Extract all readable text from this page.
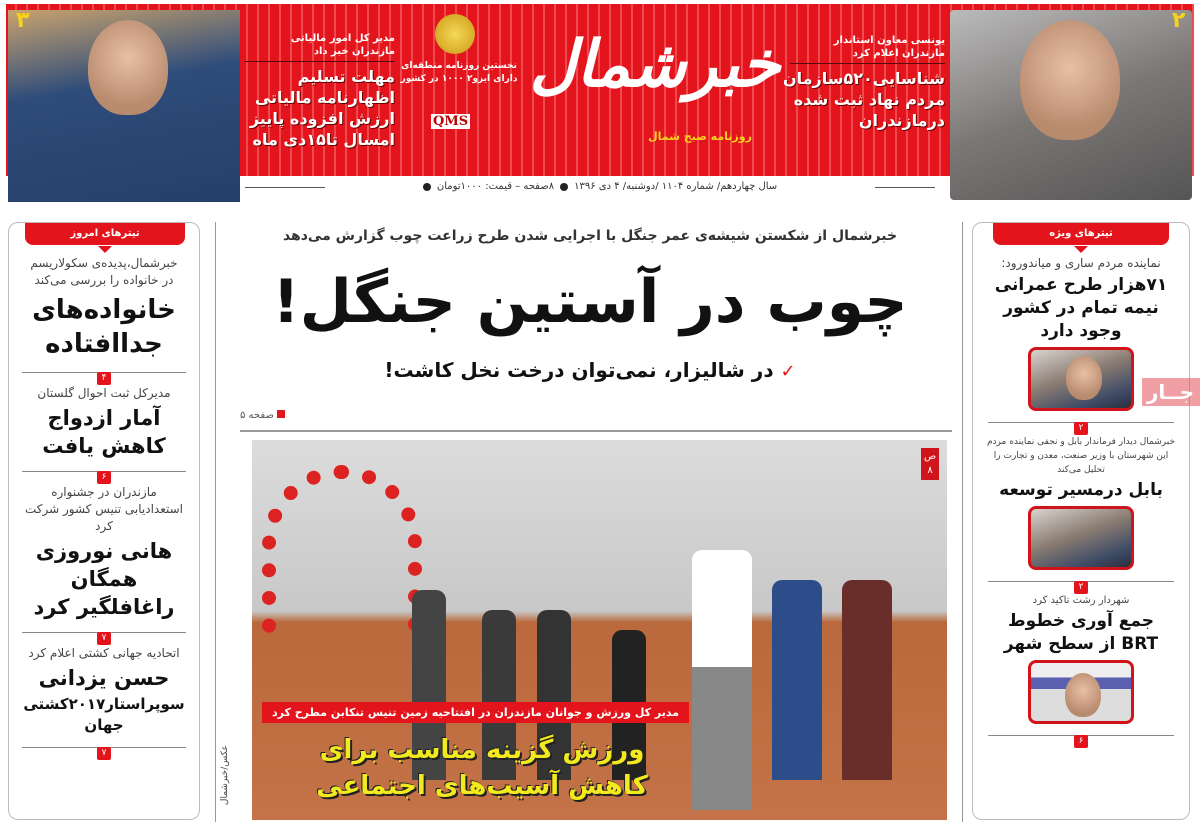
۲
یونسی معاون استاندار مازندران اعلام کرد
شناسایی۵۲۰سازمان مردم نهاد ثبت شده درمازندران
۳
مدیر کل امور مالیاتی مازندران خبر داد
مهلت تسلیم اظهارنامه مالیاتی ارزش افزوده پاییز امسال تا۱۵دی ماه
خبرشمال
نخستین روزنامه منطقه‌ای دارای ایزو۲ ۱۰۰۰ در کشور
QMS
روزنامه صبح شمال
سال چهاردهم/ شماره ۱۱۰۴ /دوشنبه/ ۴ دی ۱۳۹۶
۸صفحه – قیمت: ۱۰۰۰تومان
خبرشمال از شکستن شیشه‌ی عمر جنگل با اجرایی شدن طرح زراعت چوب گزارش می‌دهد
چوب در آستین جنگل!
✓ در شالیزار، نمی‌توان درخت نخل کاشت!
صفحه ۵
ص
۸
مدیر کل ورزش و جوانان مازندران در افتتاحیه زمین تنیس تنکابن مطرح کرد
ورزش گزینه مناسب برای کاهش آسیب‌های اجتماعی
عکس/خبرشمال
تیترهای امروز
خبرشمال،پدیده‌ی سکولاریسم در خانواده را بررسی می‌کند
خانواده‌های جداافتاده
۴
مدیرکل ثبت احوال گلستان
آمار ازدواج کاهش یافت
۶
مازندران در جشنواره استعدادیابی تنیس کشور شرکت کرد
هانی نوروزی همگان راغافلگیر کرد
۷
اتحادیه جهانی کشتی اعلام کرد
حسن یزدانی
سوپراستار۲۰۱۷کشتی جهان
۷
تیترهای ویژه
نماینده مردم ساری و میاندورود:
۷۱هزار طرح عمرانی نیمه تمام در کشور وجود دارد
۲
خبرشمال دیدار فرماندار بابل و نجفی نماینده مردم این شهرستان با وزیر صنعت، معدن و تجارت را تحلیل می‌کند
بابل درمسیر توسعه
۲
شهردار رشت تاکید کرد
جمع آوری خطوط BRT از سطح شهر
۶
جــار
